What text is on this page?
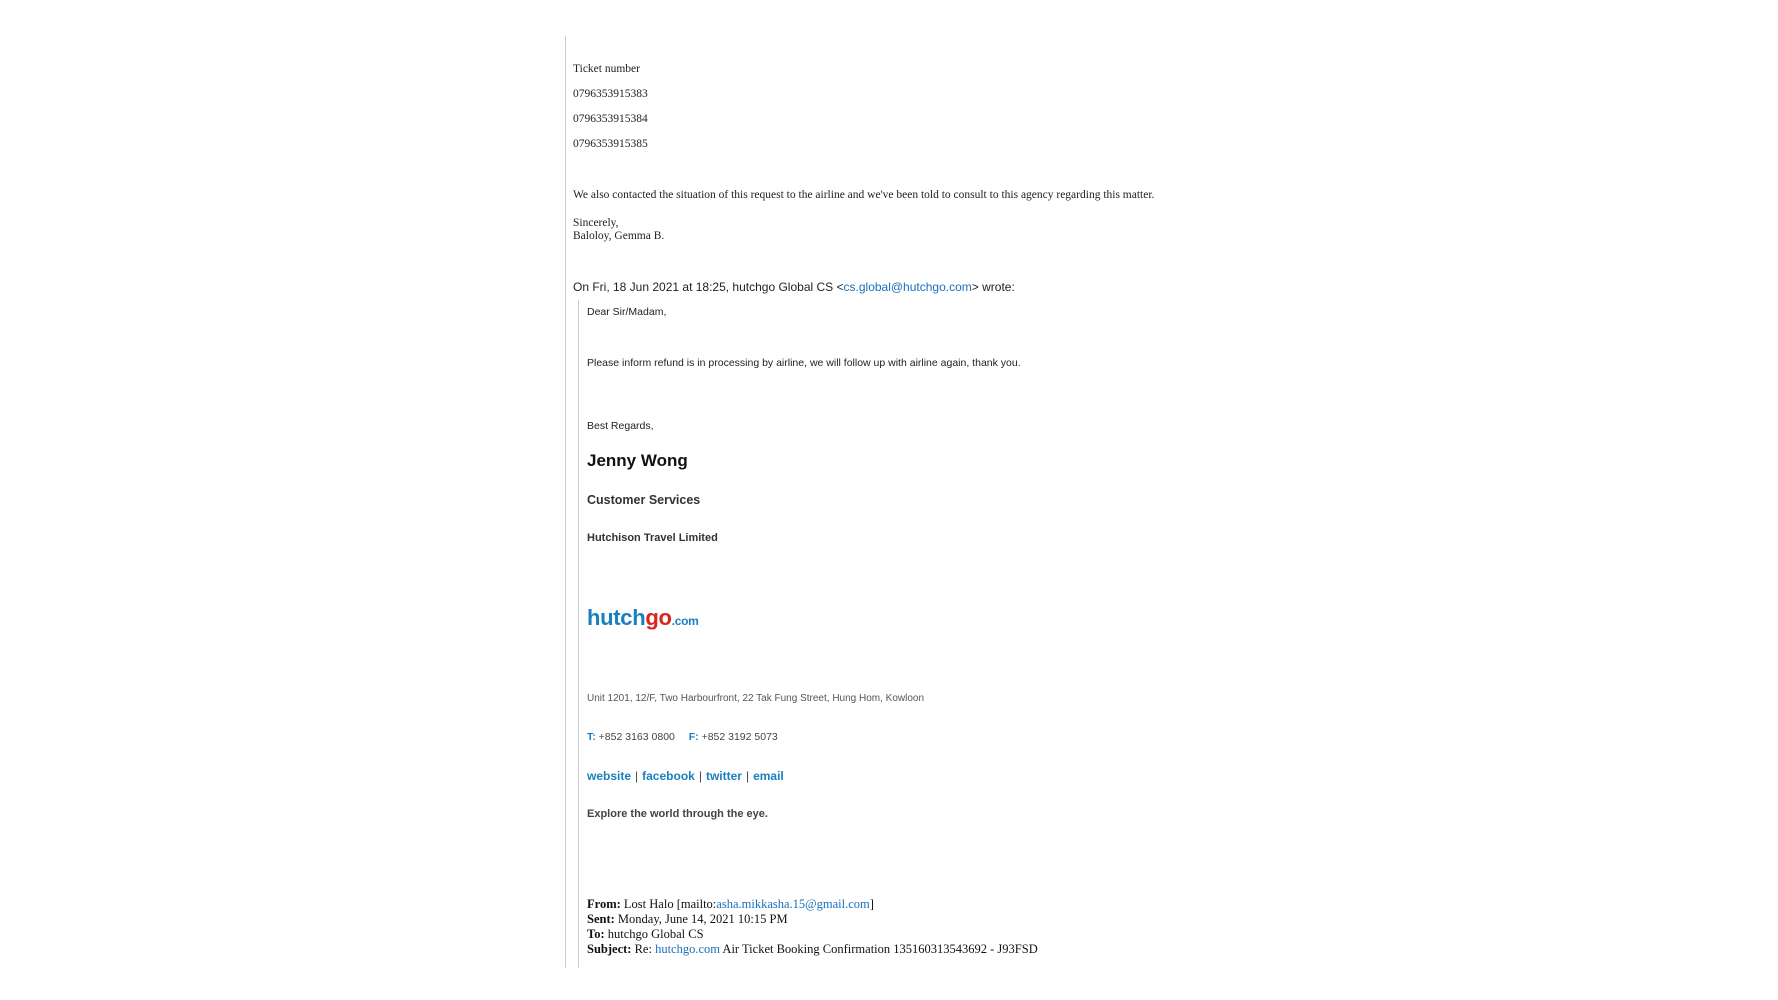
Ticket number
0796353915383
0796353915384
0796353915385
We also contacted the situation of this request to the airline and we've been told to consult to this agency regarding this matter.
Sincerely,
Baloloy, Gemma B.
On Fri, 18 Jun 2021 at 18:25, hutchgo Global CS <cs.global@hutchgo.com> wrote:
Dear Sir/Madam,
Please inform refund is in processing by airline, we will follow up with airline again, thank you.
Best Regards,
Jenny Wong
Customer Services
Hutchison Travel Limited
hutchgo.com
Unit 1201, 12/F, Two Harbourfront, 22 Tak Fung Street, Hung Hom, Kowloon
T: +852 3163 0800 F: +852 3192 5073
website | facebook | twitter | email
Explore the world through the eye.
From: Lost Halo [mailto:asha.mikkasha.15@gmail.com]
Sent: Monday, June 14, 2021 10:15 PM
To: hutchgo Global CS
Subject: Re: hutchgo.com Air Ticket Booking Confirmation 135160313543692 - J93FSD
